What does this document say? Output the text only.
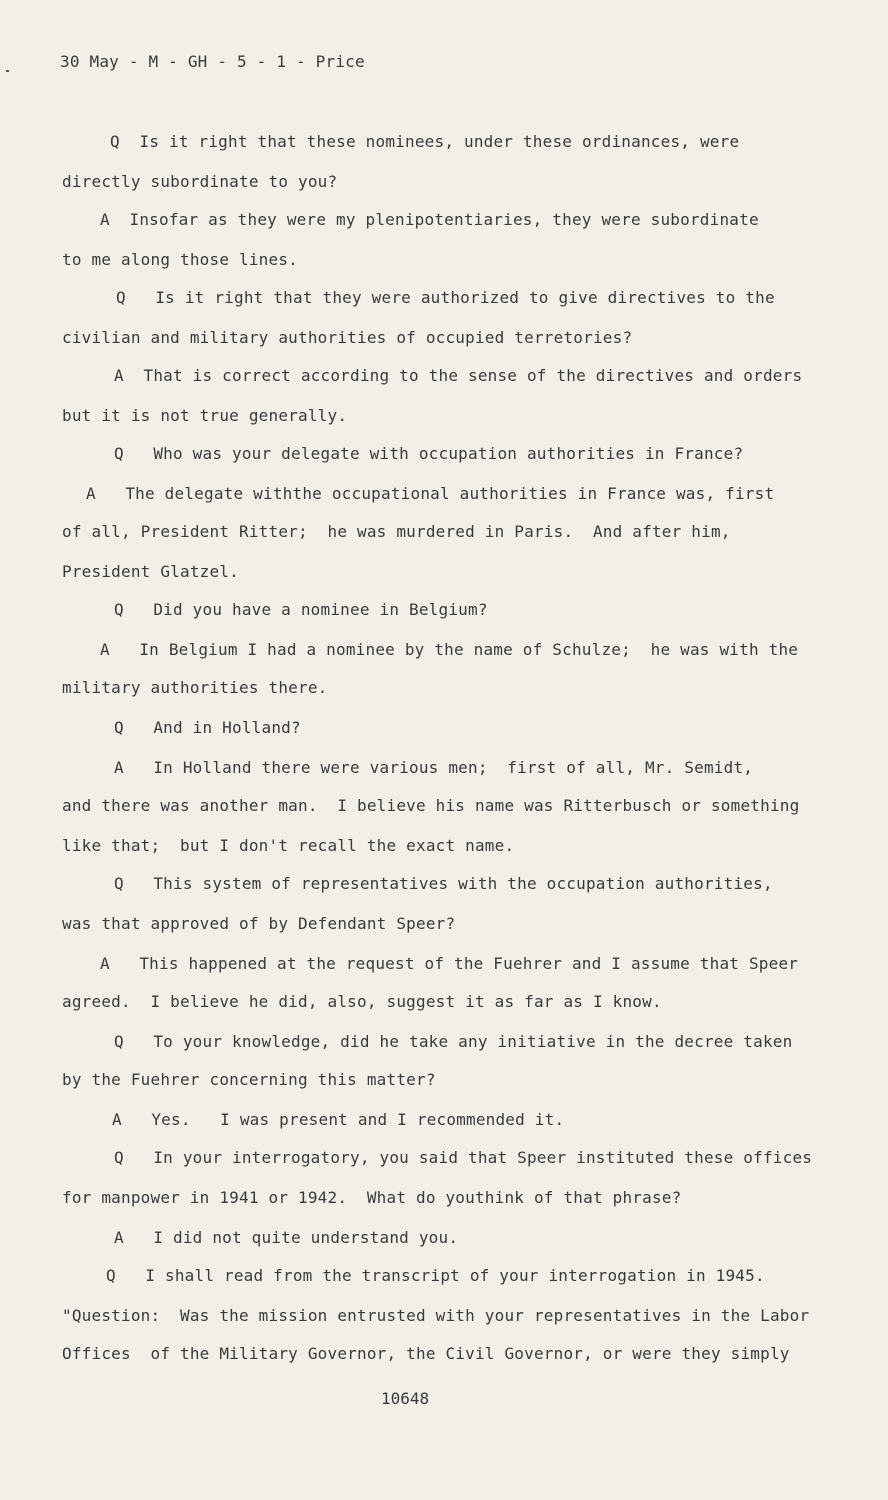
30 May - M - GH - 5 - 1 - Price
Q  Is it right that these nominees, under these ordinances, were
directly subordinate to you?
A  Insofar as they were my plenipotentiaries, they were subordinate
to me along those lines.
Q   Is it right that they were authorized to give directives to the
civilian and military authorities of occupied terretories?
A  That is correct according to the sense of the directives and orders
but it is not true generally.
Q   Who was your delegate with occupation authorities in France?
A   The delegate withthe occupational authorities in France was, first
of all, President Ritter;  he was murdered in Paris.  And after him,
President Glatzel.
Q   Did you have a nominee in Belgium?
A   In Belgium I had a nominee by the name of Schulze;  he was with the
military authorities there.
Q   And in Holland?
A   In Holland there were various men;  first of all, Mr. Semidt,
and there was another man.  I believe his name was Ritterbusch or something
like that;  but I don't recall the exact name.
Q   This system of representatives with the occupation authorities,
was that approved of by Defendant Speer?
A   This happened at the request of the Fuehrer and I assume that Speer
agreed.  I believe he did, also, suggest it as far as I know.
Q   To your knowledge, did he take any initiative in the decree taken
by the Fuehrer concerning this matter?
A   Yes.   I was present and I recommended it.
Q   In your interrogatory, you said that Speer instituted these offices
for manpower in 1941 or 1942.  What do youthink of that phrase?
A   I did not quite understand you.
Q   I shall read from the transcript of your interrogation in 1945.
"Question:  Was the mission entrusted with your representatives in the Labor
Offices  of the Military Governor, the Civil Governor, or were they simply
10648
